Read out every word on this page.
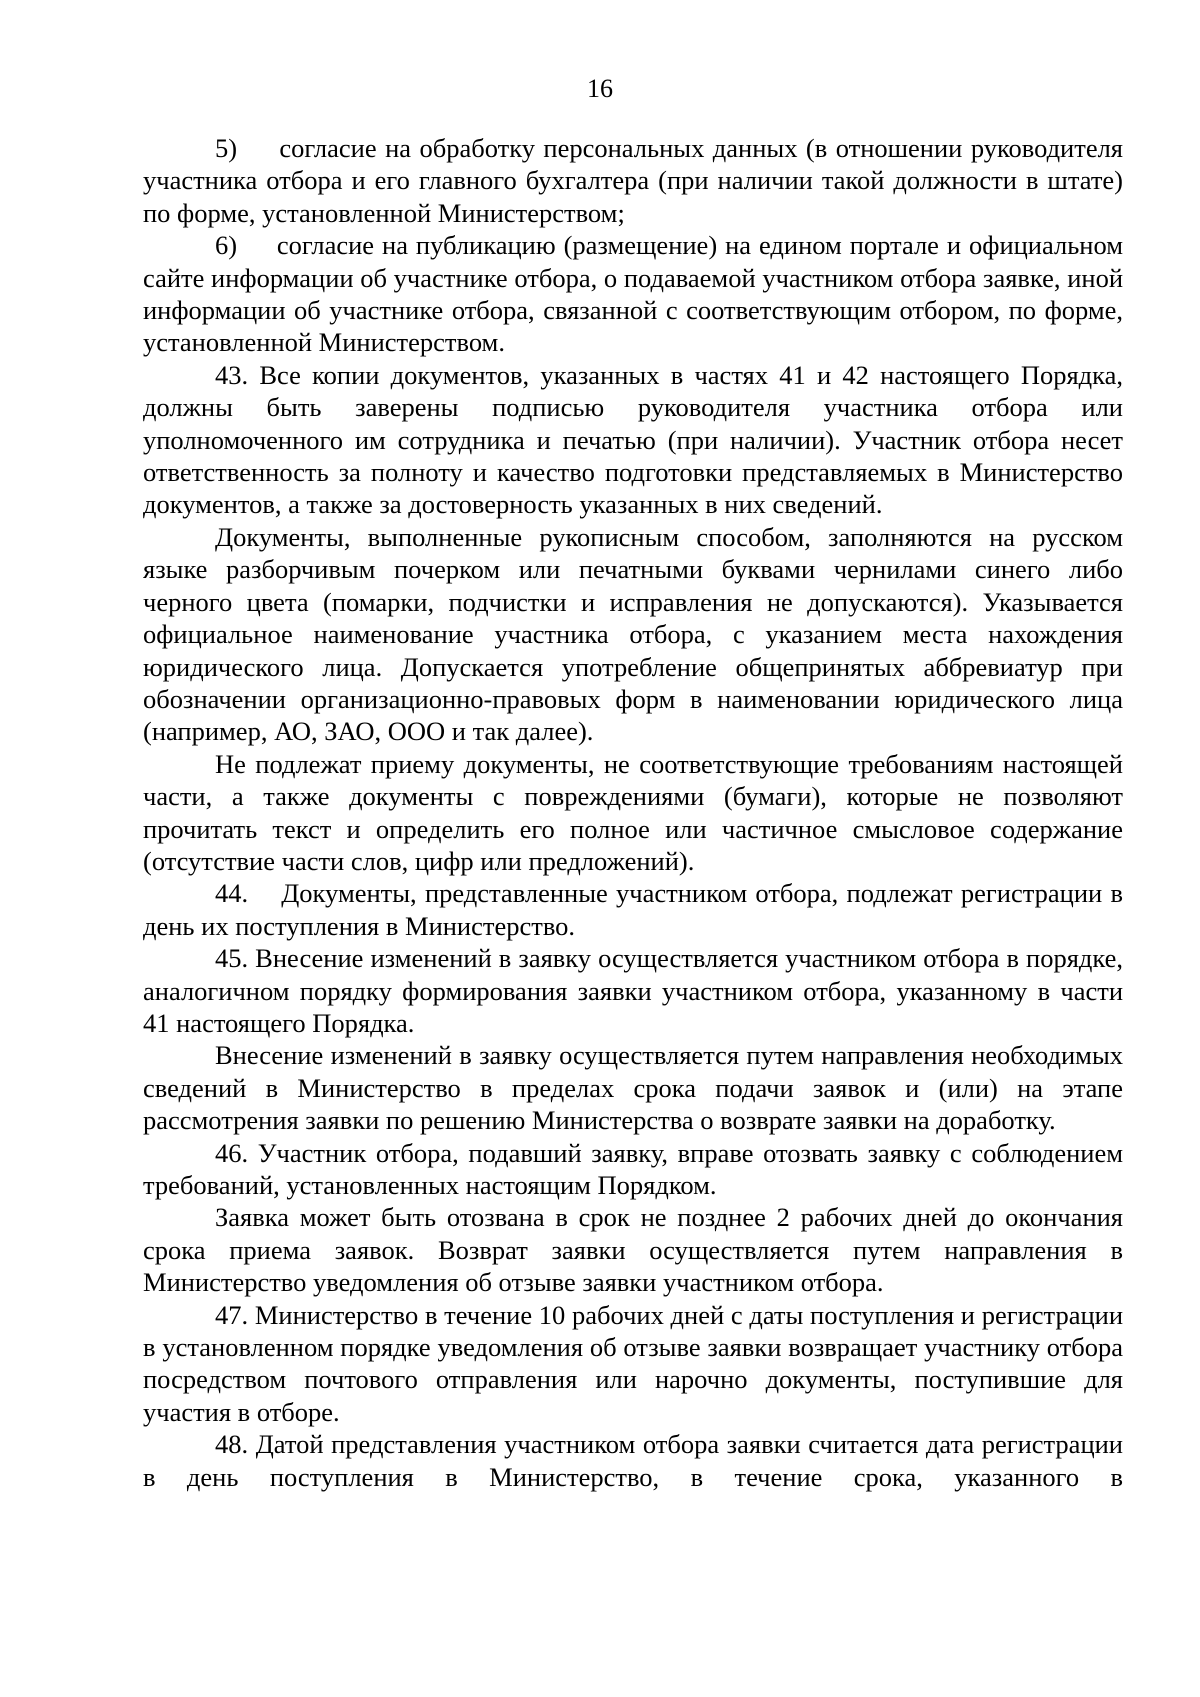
16

5)     согласие на обработку персональных данных (в отношении руководителя участника отбора и его главного бухгалтера (при наличии такой должности в штате) по форме, установленной Министерством;

6)     согласие на публикацию (размещение) на едином портале и официальном сайте информации об участнике отбора, о подаваемой участником отбора заявке, иной информации об участнике отбора, связанной с соответствующим отбором, по форме, установленной Министерством.

43. Все копии документов, указанных в частях 41 и 42 настоящего Порядка, должны быть заверены подписью руководителя участника отбора или уполномоченного им сотрудника и печатью (при наличии). Участник отбора несет ответственность за полноту и качество подготовки представляемых в Министерство документов, а также за достоверность указанных в них сведений.

Документы, выполненные рукописным способом, заполняются на русском языке разборчивым почерком или печатными буквами чернилами синего либо черного цвета (помарки, подчистки и исправления не допускаются). Указывается официальное наименование участника отбора, с указанием места нахождения юридического лица. Допускается употребление общепринятых аббревиатур при обозначении организационно-правовых форм в наименовании юридического лица (например, АО, ЗАО, ООО и так далее).

Не подлежат приему документы, не соответствующие требованиям настоящей части, а также документы с повреждениями (бумаги), которые не позволяют прочитать текст и определить его полное или частичное смысловое содержание (отсутствие части слов, цифр или предложений).

44.    Документы, представленные участником отбора, подлежат регистрации в день их поступления в Министерство.

45. Внесение изменений в заявку осуществляется участником отбора в порядке, аналогичном порядку формирования заявки участником отбора, указанному в части 41 настоящего Порядка.

Внесение изменений в заявку осуществляется путем направления необходимых сведений в Министерство в пределах срока подачи заявок и (или) на этапе рассмотрения заявки по решению Министерства о возврате заявки на доработку.

46. Участник отбора, подавший заявку, вправе отозвать заявку с соблюдением требований, установленных настоящим Порядком.

Заявка может быть отозвана в срок не позднее 2 рабочих дней до окончания срока приема заявок. Возврат заявки осуществляется путем направления в Министерство уведомления об отзыве заявки участником отбора.

47. Министерство в течение 10 рабочих дней с даты поступления и регистрации в установленном порядке уведомления об отзыве заявки возвращает участнику отбора посредством почтового отправления или нарочно документы, поступившие для участия в отборе.

48. Датой представления участником отбора заявки считается дата регистрации в день поступления в Министерство, в течение срока, указанного в
